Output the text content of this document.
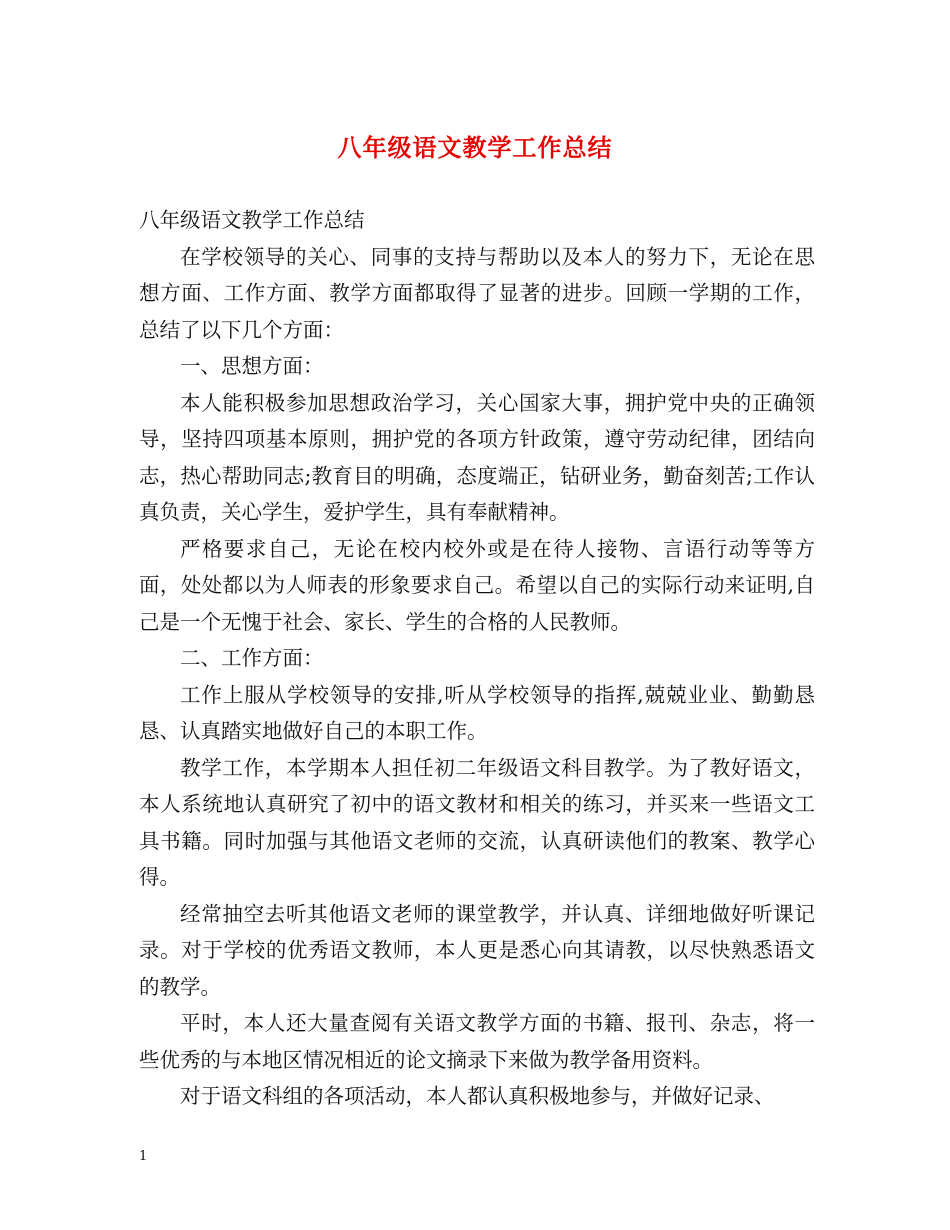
八年级语文教学工作总结

八年级语文教学工作总结

在学校领导的关心、同事的支持与帮助以及本人的努力下，无论在思想方面、工作方面、教学方面都取得了显著的进步。回顾一学期的工作，总结了以下几个方面：

一、思想方面：

本人能积极参加思想政治学习，关心国家大事，拥护党中央的正确领导，坚持四项基本原则，拥护党的各项方针政策，遵守劳动纪律，团结向志，热心帮助同志;教育目的明确，态度端正，钻研业务，勤奋刻苦;工作认真负责，关心学生，爱护学生，具有奉献精神。

严格要求自己，无论在校内校外或是在待人接物、言语行动等等方面，处处都以为人师表的形象要求自己。希望以自己的实际行动来证明,自己是一个无愧于社会、家长、学生的合格的人民教师。

二、工作方面：

工作上服从学校领导的安排,听从学校领导的指挥,兢兢业业、勤勤恳恳、认真踏实地做好自己的本职工作。

教学工作，本学期本人担任初二年级语文科目教学。为了教好语文，本人系统地认真研究了初中的语文教材和相关的练习，并买来一些语文工具书籍。同时加强与其他语文老师的交流，认真研读他们的教案、教学心得。

经常抽空去听其他语文老师的课堂教学，并认真、详细地做好听课记录。对于学校的优秀语文教师，本人更是悉心向其请教，以尽快熟悉语文的教学。

平时，本人还大量查阅有关语文教学方面的书籍、报刊、杂志，将一些优秀的与本地区情况相近的论文摘录下来做为教学备用资料。

对于语文科组的各项活动，本人都认真积极地参与，并做好记录、

1
